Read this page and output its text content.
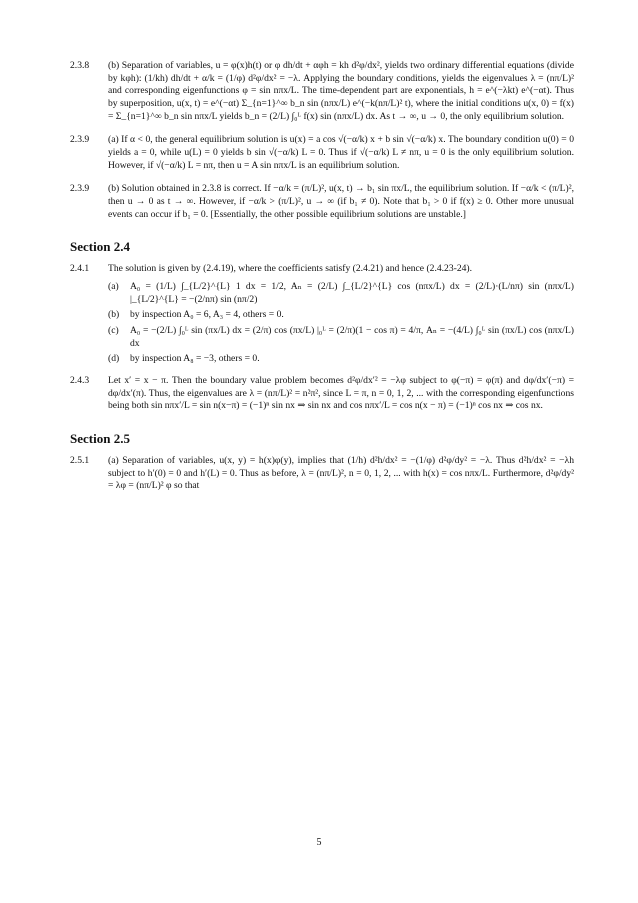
2.3.8	(b) Separation of variables, u = φ(x)h(t) or φ dh/dt + αφh = kh d²φ/dx², yields two ordinary differential equations (divide by kφh): (1/kh) dh/dt + α/k = (1/φ) d²φ/dx² = −λ. Applying the boundary conditions, yields the eigenvalues λ = (nπ/L)² and corresponding eigenfunctions φ = sin nπx/L. The time-dependent part are exponentials, h = e^(−λkt) e^(−αt). Thus by superposition, u(x, t) = e^(−αt) Σ_{n=1}^∞ b_n sin (nπx/L) e^(−k(nπ/L)² t), where the initial conditions u(x, 0) = f(x) = Σ_{n=1}^∞ b_n sin nπx/L yields b_n = (2/L) ∫₀ᴸ f(x) sin (nπx/L) dx. As t → ∞, u → 0, the only equilibrium solution.

2.3.9	(a) If α < 0, the general equilibrium solution is u(x) = a cos √(−α/k) x + b sin √(−α/k) x. The boundary condition u(0) = 0 yields a = 0, while u(L) = 0 yields b sin √(−α/k) L = 0. Thus if √(−α/k) L ≠ nπ, u = 0 is the only equilibrium solution. However, if √(−α/k) L = nπ, then u = A sin nπx/L is an equilibrium solution.

2.3.9	(b) Solution obtained in 2.3.8 is correct. If −α/k = (π/L)², u(x, t) → b₁ sin πx/L, the equilibrium solution. If −α/k < (π/L)², then u → 0 as t → ∞. However, if −α/k > (π/L)², u → ∞ (if b₁ ≠ 0). Note that b₁ > 0 if f(x) ≥ 0. Other more unusual events can occur if b₁ = 0. [Essentially, the other possible equilibrium solutions are unstable.]

Section 2.4
2.4.1	The solution is given by (2.4.19), where the coefficients satisfy (2.4.21) and hence (2.4.23-24).

(a)	A₀ = (1/L) ∫_{L/2}^{L} 1 dx = 1/2, Aₙ = (2/L) ∫_{L/2}^{L} cos (nπx/L) dx = (2/L)·(L/nπ) sin (nπx/L) |_{L/2}^{L} = −(2/nπ) sin (nπ/2)
(b)	by inspection A₀ = 6, A₃ = 4, others = 0.
(c)	A₀ = −(2/L) ∫₀ᴸ sin (πx/L) dx = (2/π) cos (πx/L) |₀ᴸ = (2/π)(1 − cos π) = 4/π, Aₙ = −(4/L) ∫₀ᴸ sin (πx/L) cos (nπx/L) dx
(d)	by inspection A₈ = −3, others = 0.
2.4.3	Let x′ = x − π. Then the boundary value problem becomes d²φ/dx′² = −λφ subject to φ(−π) = φ(π) and dφ/dx′(−π) = dφ/dx′(π). Thus, the eigenvalues are λ = (nπ/L)² = n²π², since L = π, n = 0, 1, 2, ... with the corresponding eigenfunctions being both sin nπx′/L = sin n(x−π) = (−1)ⁿ sin nx ⇒ sin nx and cos nπx′/L = cos n(x − π) = (−1)ⁿ cos nx ⇒ cos nx.

Section 2.5
2.5.1	(a) Separation of variables, u(x, y) = h(x)φ(y), implies that (1/h) d²h/dx² = −(1/φ) d²φ/dy² = −λ. Thus d²h/dx² = −λh subject to h′(0) = 0 and h′(L) = 0. Thus as before, λ = (nπ/L)², n = 0, 1, 2, ... with h(x) = cos nπx/L. Furthermore, d²φ/dy² = λφ = (nπ/L)² φ so that

5
